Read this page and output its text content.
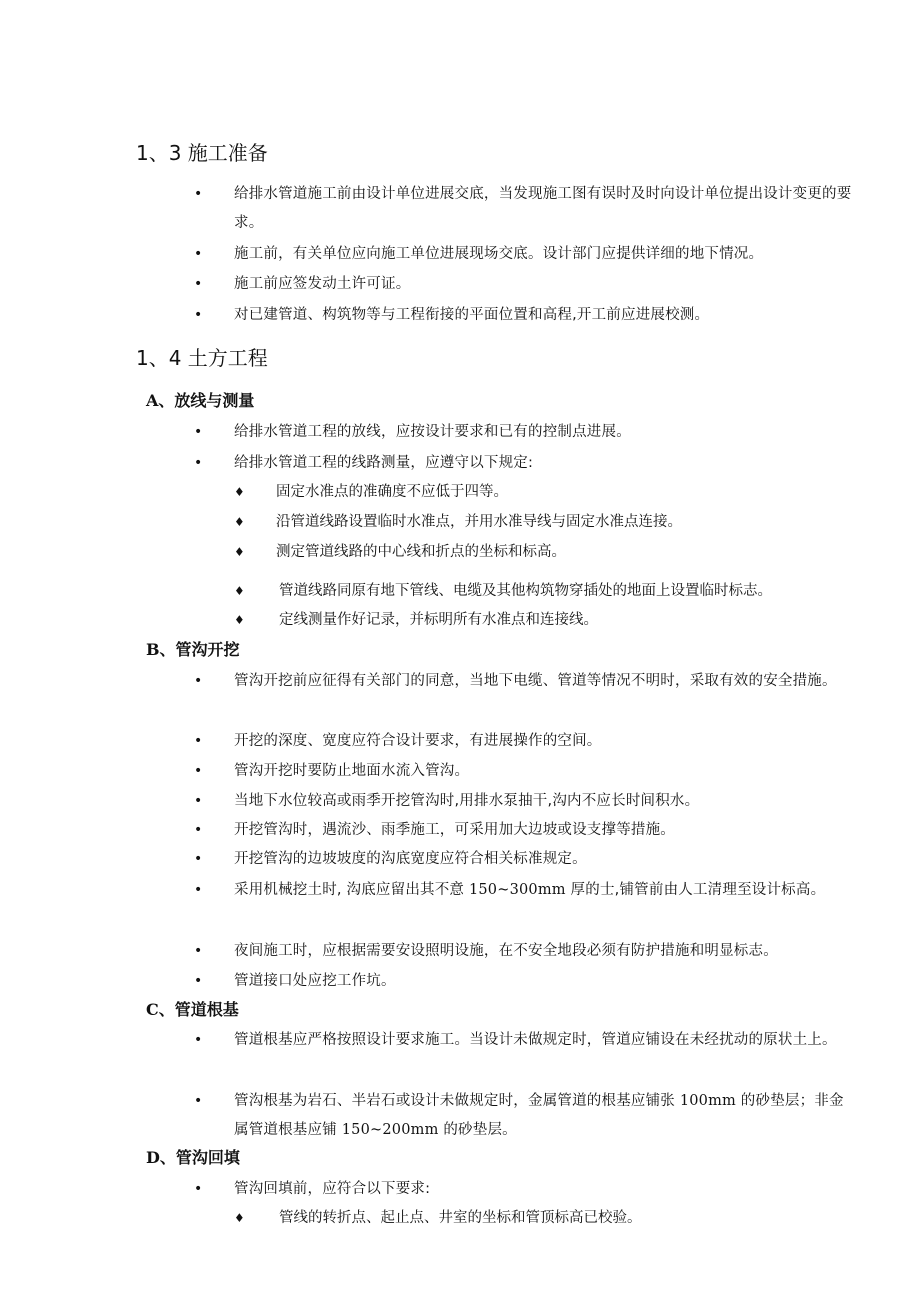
1、3 施工准备
• 给排水管道施工前由设计单位进展交底，当发现施工图有误时及时向设计单位提出设计变更的要求。
• 施工前，有关单位应向施工单位进展现场交底。设计部门应提供详细的地下情况。
• 施工前应签发动土许可证。
• 对已建管道、构筑物等与工程衔接的平面位置和高程,开工前应进展校测。
1、4 土方工程
A、放线与测量
• 给排水管道工程的放线，应按设计要求和已有的控制点进展。
• 给排水管道工程的线路测量，应遵守以下规定:
♦ 固定水准点的准确度不应低于四等。
♦ 沿管道线路设置临时水准点，并用水准导线与固定水准点连接。
♦ 测定管道线路的中心线和折点的坐标和标高。
♦ 管道线路同原有地下管线、电缆及其他构筑物穿插处的地面上设置临时标志。
♦ 定线测量作好记录，并标明所有水准点和连接线。
B、管沟开挖
• 管沟开挖前应征得有关部门的同意，当地下电缆、管道等情况不明时，采取有效的安全措施。
• 开挖的深度、宽度应符合设计要求，有进展操作的空间。
• 管沟开挖时要防止地面水流入管沟。
• 当地下水位较高或雨季开挖管沟时,用排水泵抽干,沟内不应长时间积水。
• 开挖管沟时，遇流沙、雨季施工，可采用加大边坡或设支撑等措施。
• 开挖管沟的边坡坡度的沟底宽度应符合相关标准规定。
• 采用机械挖土时, 沟底应留出其不意 150~300mm 厚的士,铺管前由人工清理至设计标高。
• 夜间施工时，应根据需要安设照明设施，在不安全地段必须有防护措施和明显标志。
• 管道接口处应挖工作坑。
C、管道根基
• 管道根基应严格按照设计要求施工。当设计未做规定时，管道应铺设在未经扰动的原状土上。
• 管沟根基为岩石、半岩石或设计未做规定时，金属管道的根基应铺张 100mm 的砂垫层；非金属管道根基应铺 150~200mm 的砂垫层。
D、管沟回填
• 管沟回填前，应符合以下要求:
♦ 管线的转折点、起止点、井室的坐标和管顶标高已校验。
